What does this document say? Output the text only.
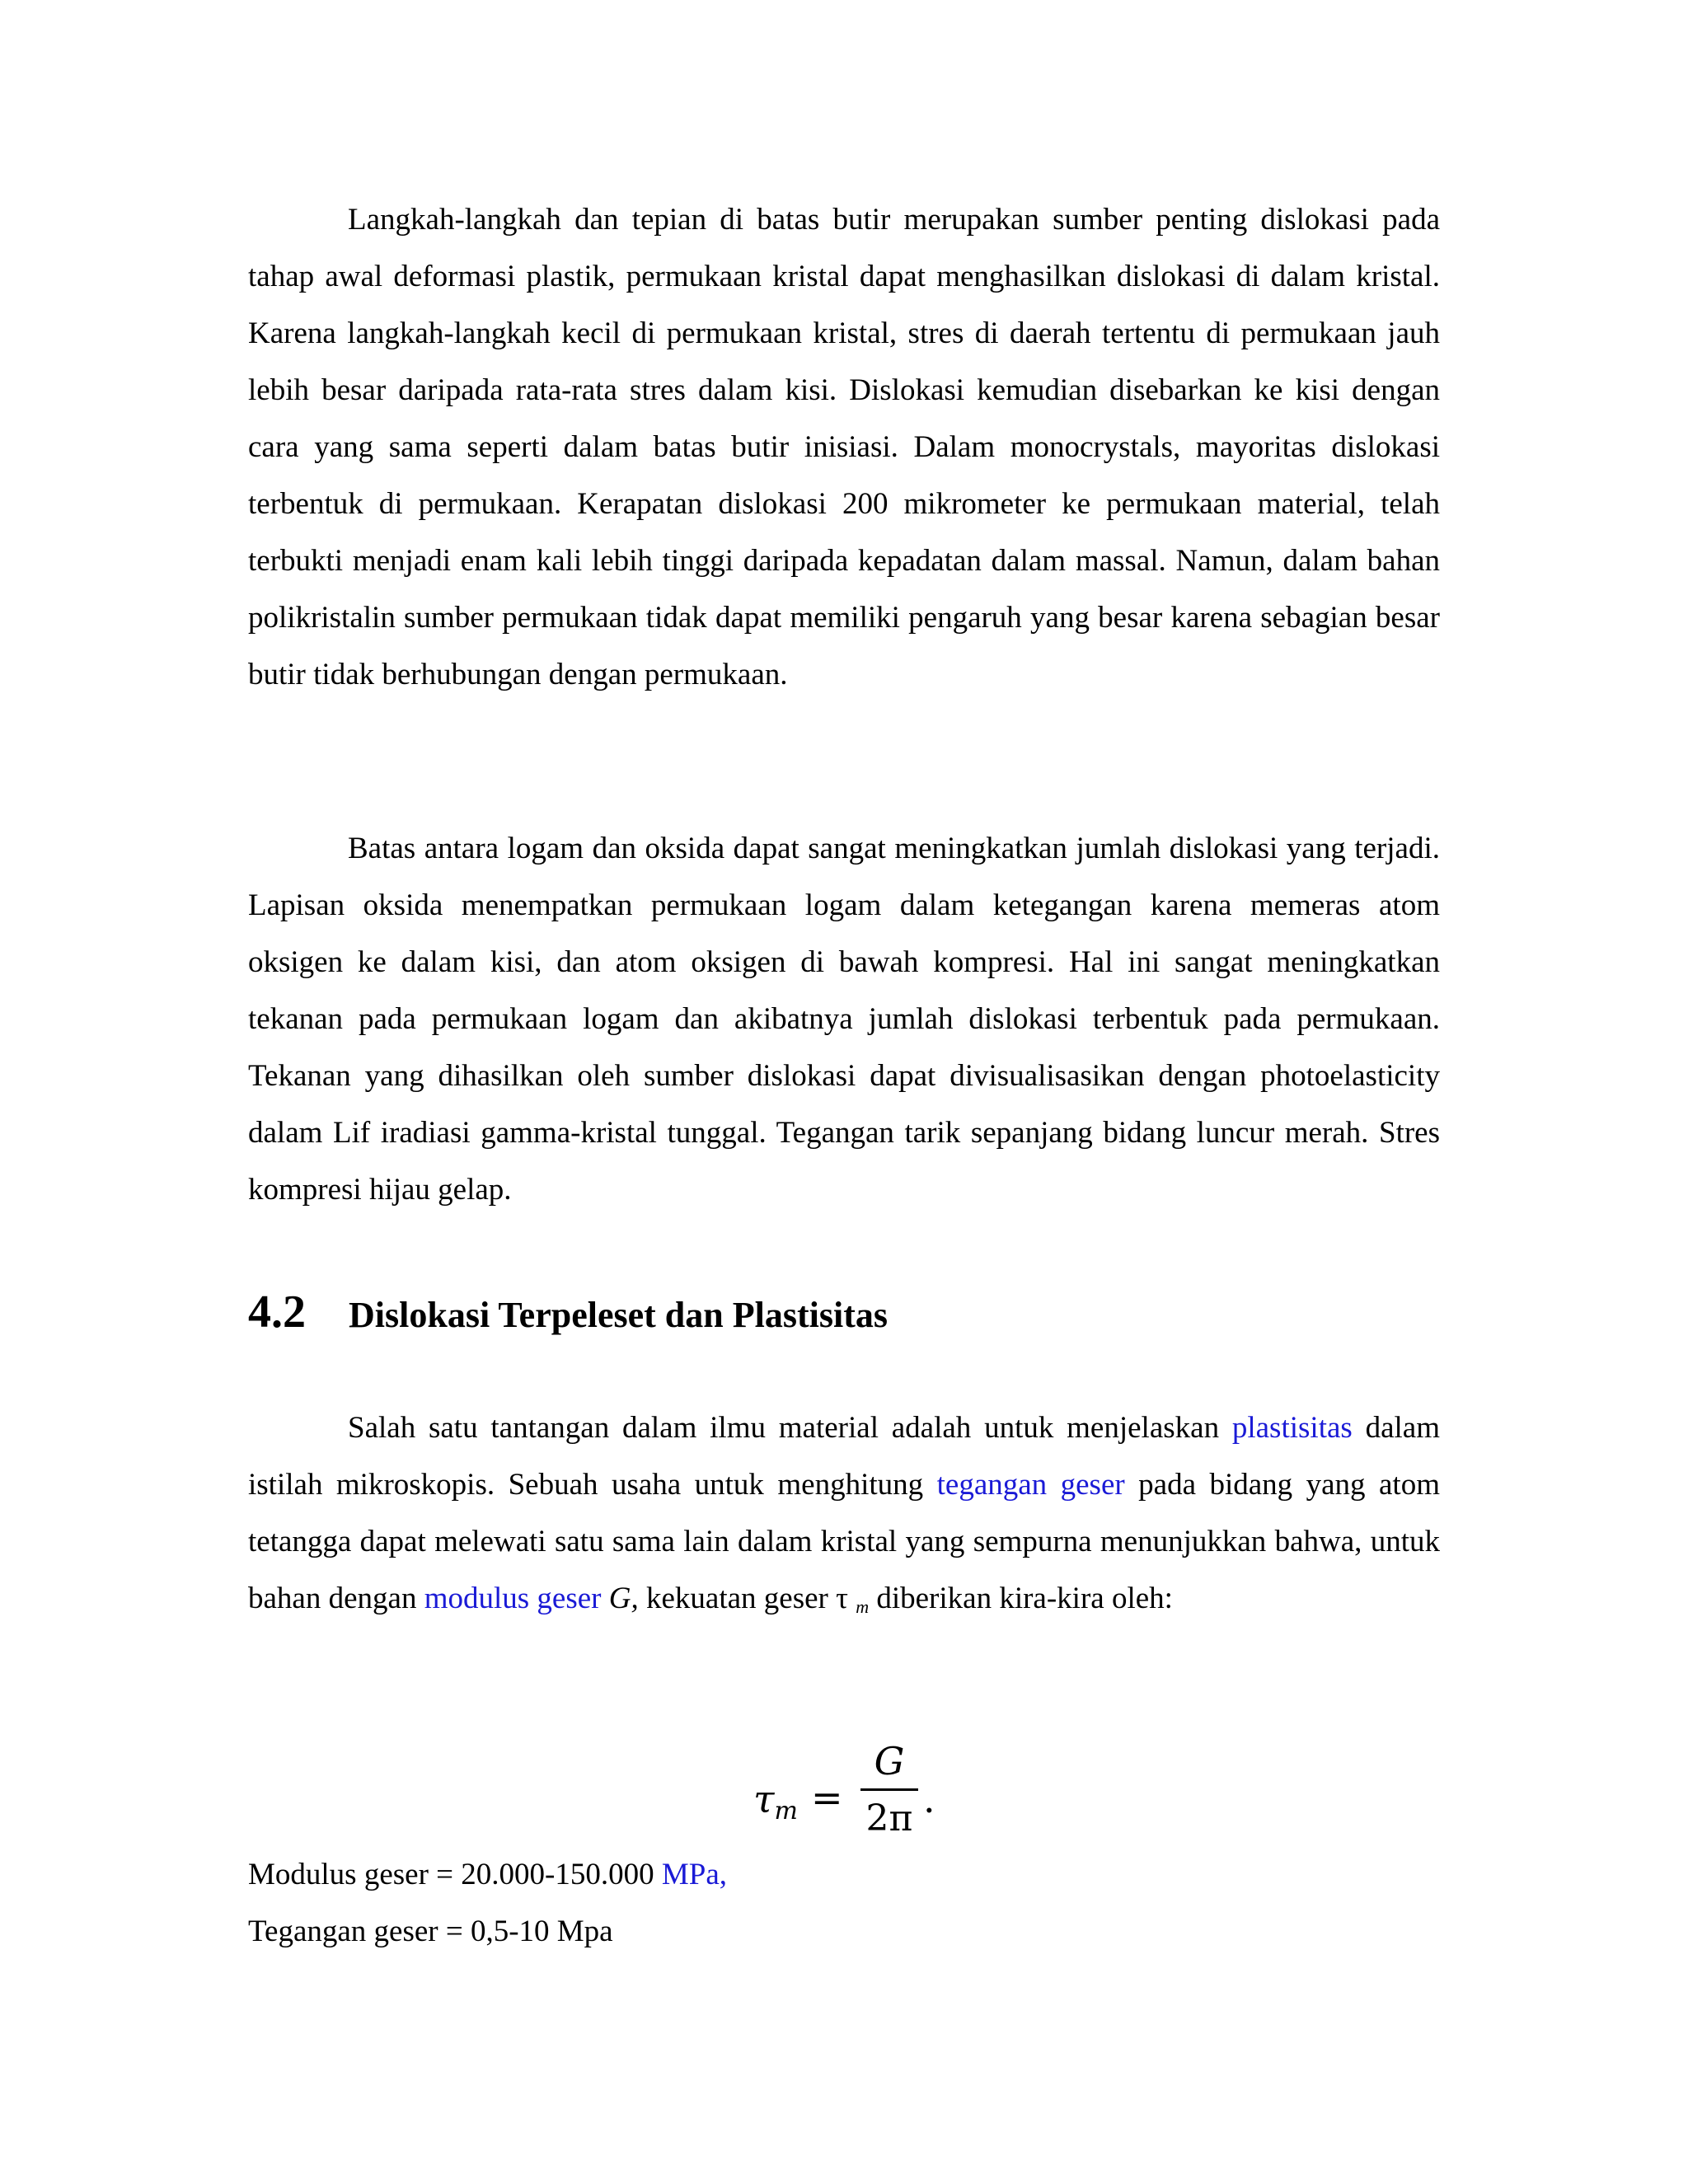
Langkah-langkah dan tepian di batas butir merupakan sumber penting dislokasi pada tahap awal deformasi plastik, permukaan kristal dapat menghasilkan dislokasi di dalam kristal. Karena langkah-langkah kecil di permukaan kristal, stres di daerah tertentu di permukaan jauh lebih besar daripada rata-rata stres dalam kisi. Dislokasi kemudian disebarkan ke kisi dengan cara yang sama seperti dalam batas butir inisiasi. Dalam monocrystals, mayoritas dislokasi terbentuk di permukaan. Kerapatan dislokasi 200 mikrometer ke permukaan material, telah terbukti menjadi enam kali lebih tinggi daripada kepadatan dalam massal. Namun, dalam bahan polikristalin sumber permukaan tidak dapat memiliki pengaruh yang besar karena sebagian besar butir tidak berhubungan dengan permukaan.

Batas antara logam dan oksida dapat sangat meningkatkan jumlah dislokasi yang terjadi. Lapisan oksida menempatkan permukaan logam dalam ketegangan karena memeras atom oksigen ke dalam kisi, dan atom oksigen di bawah kompresi. Hal ini sangat meningkatkan tekanan pada permukaan logam dan akibatnya jumlah dislokasi terbentuk pada permukaan. Tekanan yang dihasilkan oleh sumber dislokasi dapat divisualisasikan dengan photoelasticity dalam Lif iradiasi gamma-kristal tunggal. Tegangan tarik sepanjang bidang luncur merah. Stres kompresi hijau gelap.

4.2	Dislokasi Terpeleset dan Plastisitas

Salah satu tantangan dalam ilmu material adalah untuk menjelaskan plastisitas dalam istilah mikroskopis. Sebuah usaha untuk menghitung tegangan geser pada bidang yang atom tetangga dapat melewati satu sama lain dalam kristal yang sempurna menunjukkan bahwa, untuk bahan dengan modulus geser G, kekuatan geser τ m diberikan kira-kira oleh:

$\tau_m$ =
G
2π .

Modulus geser = 20.000-150.000 MPa,

Tegangan geser = 0,5-10 Mpa
